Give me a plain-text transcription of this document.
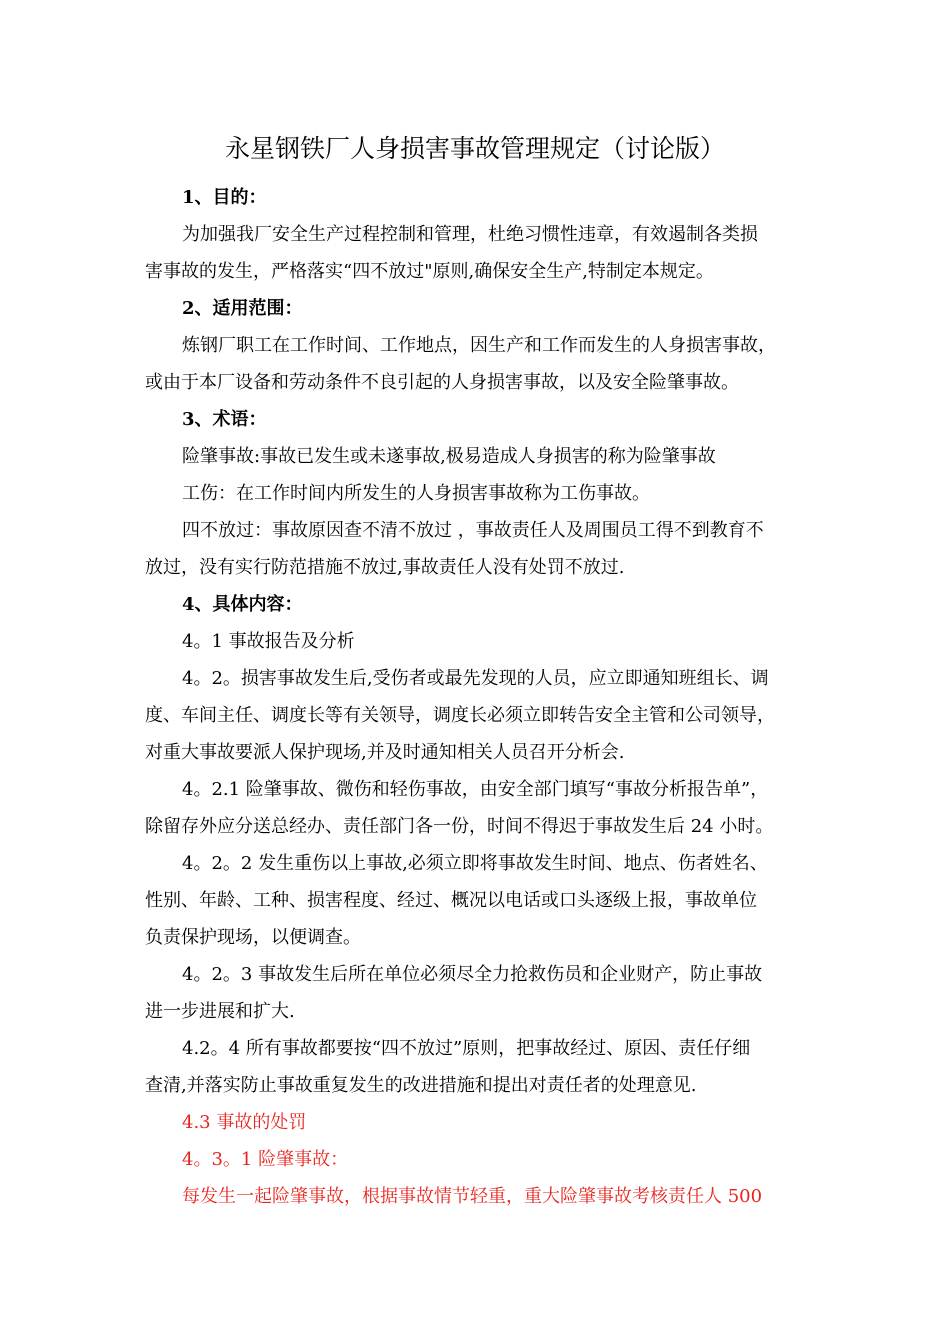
永星钢铁厂人身损害事故管理规定（讨论版）
1、目的：
为加强我厂安全生产过程控制和管理，杜绝习惯性违章，有效遏制各类损
害事故的发生，严格落实“四不放过"原则,确保安全生产,特制定本规定。
2、适用范围：
炼钢厂职工在工作时间、工作地点，因生产和工作而发生的人身损害事故，
或由于本厂设备和劳动条件不良引起的人身损害事故，以及安全险肇事故。
3、术语：
险肇事故:事故已发生或未遂事故,极易造成人身损害的称为险肇事故
工伤：在工作时间内所发生的人身损害事故称为工伤事故。
四不放过：事故原因查不清不放过 ，事故责任人及周围员工得不到教育不
放过，没有实行防范措施不放过,事故责任人没有处罚不放过.
4、具体内容：
4。1 事故报告及分析
4。2。损害事故发生后,受伤者或最先发现的人员，应立即通知班组长、调
度、车间主任、调度长等有关领导，调度长必须立即转告安全主管和公司领导，
对重大事故要派人保护现场,并及时通知相关人员召开分析会.
4。2.1 险肇事故、微伤和轻伤事故，由安全部门填写“事故分析报告单”，
除留存外应分送总经办、责任部门各一份，时间不得迟于事故发生后 24 小时。
4。2。2 发生重伤以上事故,必须立即将事故发生时间、地点、伤者姓名、
性别、年龄、工种、损害程度、经过、概况以电话或口头逐级上报，事故单位
负责保护现场，以便调查。
4。2。3 事故发生后所在单位必须尽全力抢救伤员和企业财产，防止事故
进一步进展和扩大.
4.2。4 所有事故都要按“四不放过”原则，把事故经过、原因、责任仔细
查清,并落实防止事故重复发生的改进措施和提出对责任者的处理意见.
4.3 事故的处罚
4。3。1 险肇事故：
每发生一起险肇事故，根据事故情节轻重，重大险肇事故考核责任人 500
